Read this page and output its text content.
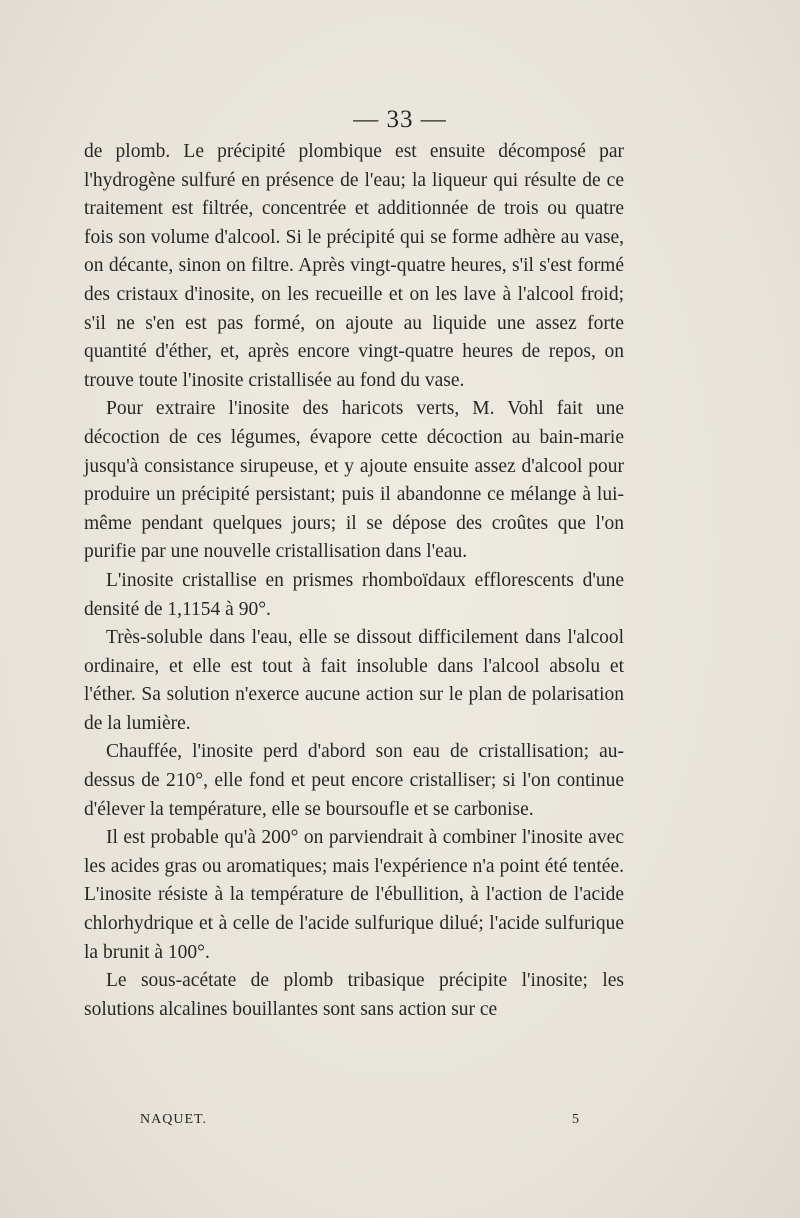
— 33 —

de plomb. Le précipité plombique est ensuite décomposé par l'hydrogène sulfuré en présence de l'eau; la liqueur qui résulte de ce traitement est filtrée, concentrée et additionnée de trois ou quatre fois son volume d'alcool. Si le précipité qui se forme adhère au vase, on décante, sinon on filtre. Après vingt-quatre heures, s'il s'est formé des cristaux d'inosite, on les recueille et on les lave à l'alcool froid; s'il ne s'en est pas formé, on ajoute au liquide une assez forte quantité d'éther, et, après encore vingt-quatre heures de repos, on trouve toute l'inosite cristallisée au fond du vase.

Pour extraire l'inosite des haricots verts, M. Vohl fait une décoction de ces légumes, évapore cette décoction au bain-marie jusqu'à consistance sirupeuse, et y ajoute ensuite assez d'alcool pour produire un précipité persistant; puis il abandonne ce mélange à lui-même pendant quelques jours; il se dépose des croûtes que l'on purifie par une nouvelle cristallisation dans l'eau.

L'inosite cristallise en prismes rhomboïdaux efflorescents d'une densité de 1,1154 à 90°.

Très-soluble dans l'eau, elle se dissout difficilement dans l'alcool ordinaire, et elle est tout à fait insoluble dans l'alcool absolu et l'éther. Sa solution n'exerce aucune action sur le plan de polarisation de la lumière.

Chauffée, l'inosite perd d'abord son eau de cristallisation; au-dessus de 210°, elle fond et peut encore cristalliser; si l'on continue d'élever la température, elle se boursoufle et se carbonise.

Il est probable qu'à 200° on parviendrait à combiner l'inosite avec les acides gras ou aromatiques; mais l'expérience n'a point été tentée. L'inosite résiste à la température de l'ébullition, à l'action de l'acide chlorhydrique et à celle de l'acide sulfurique dilué; l'acide sulfurique la brunit à 100°.

Le sous-acétate de plomb tribasique précipite l'inosite; les solutions alcalines bouillantes sont sans action sur ce

NAQUET.	5
